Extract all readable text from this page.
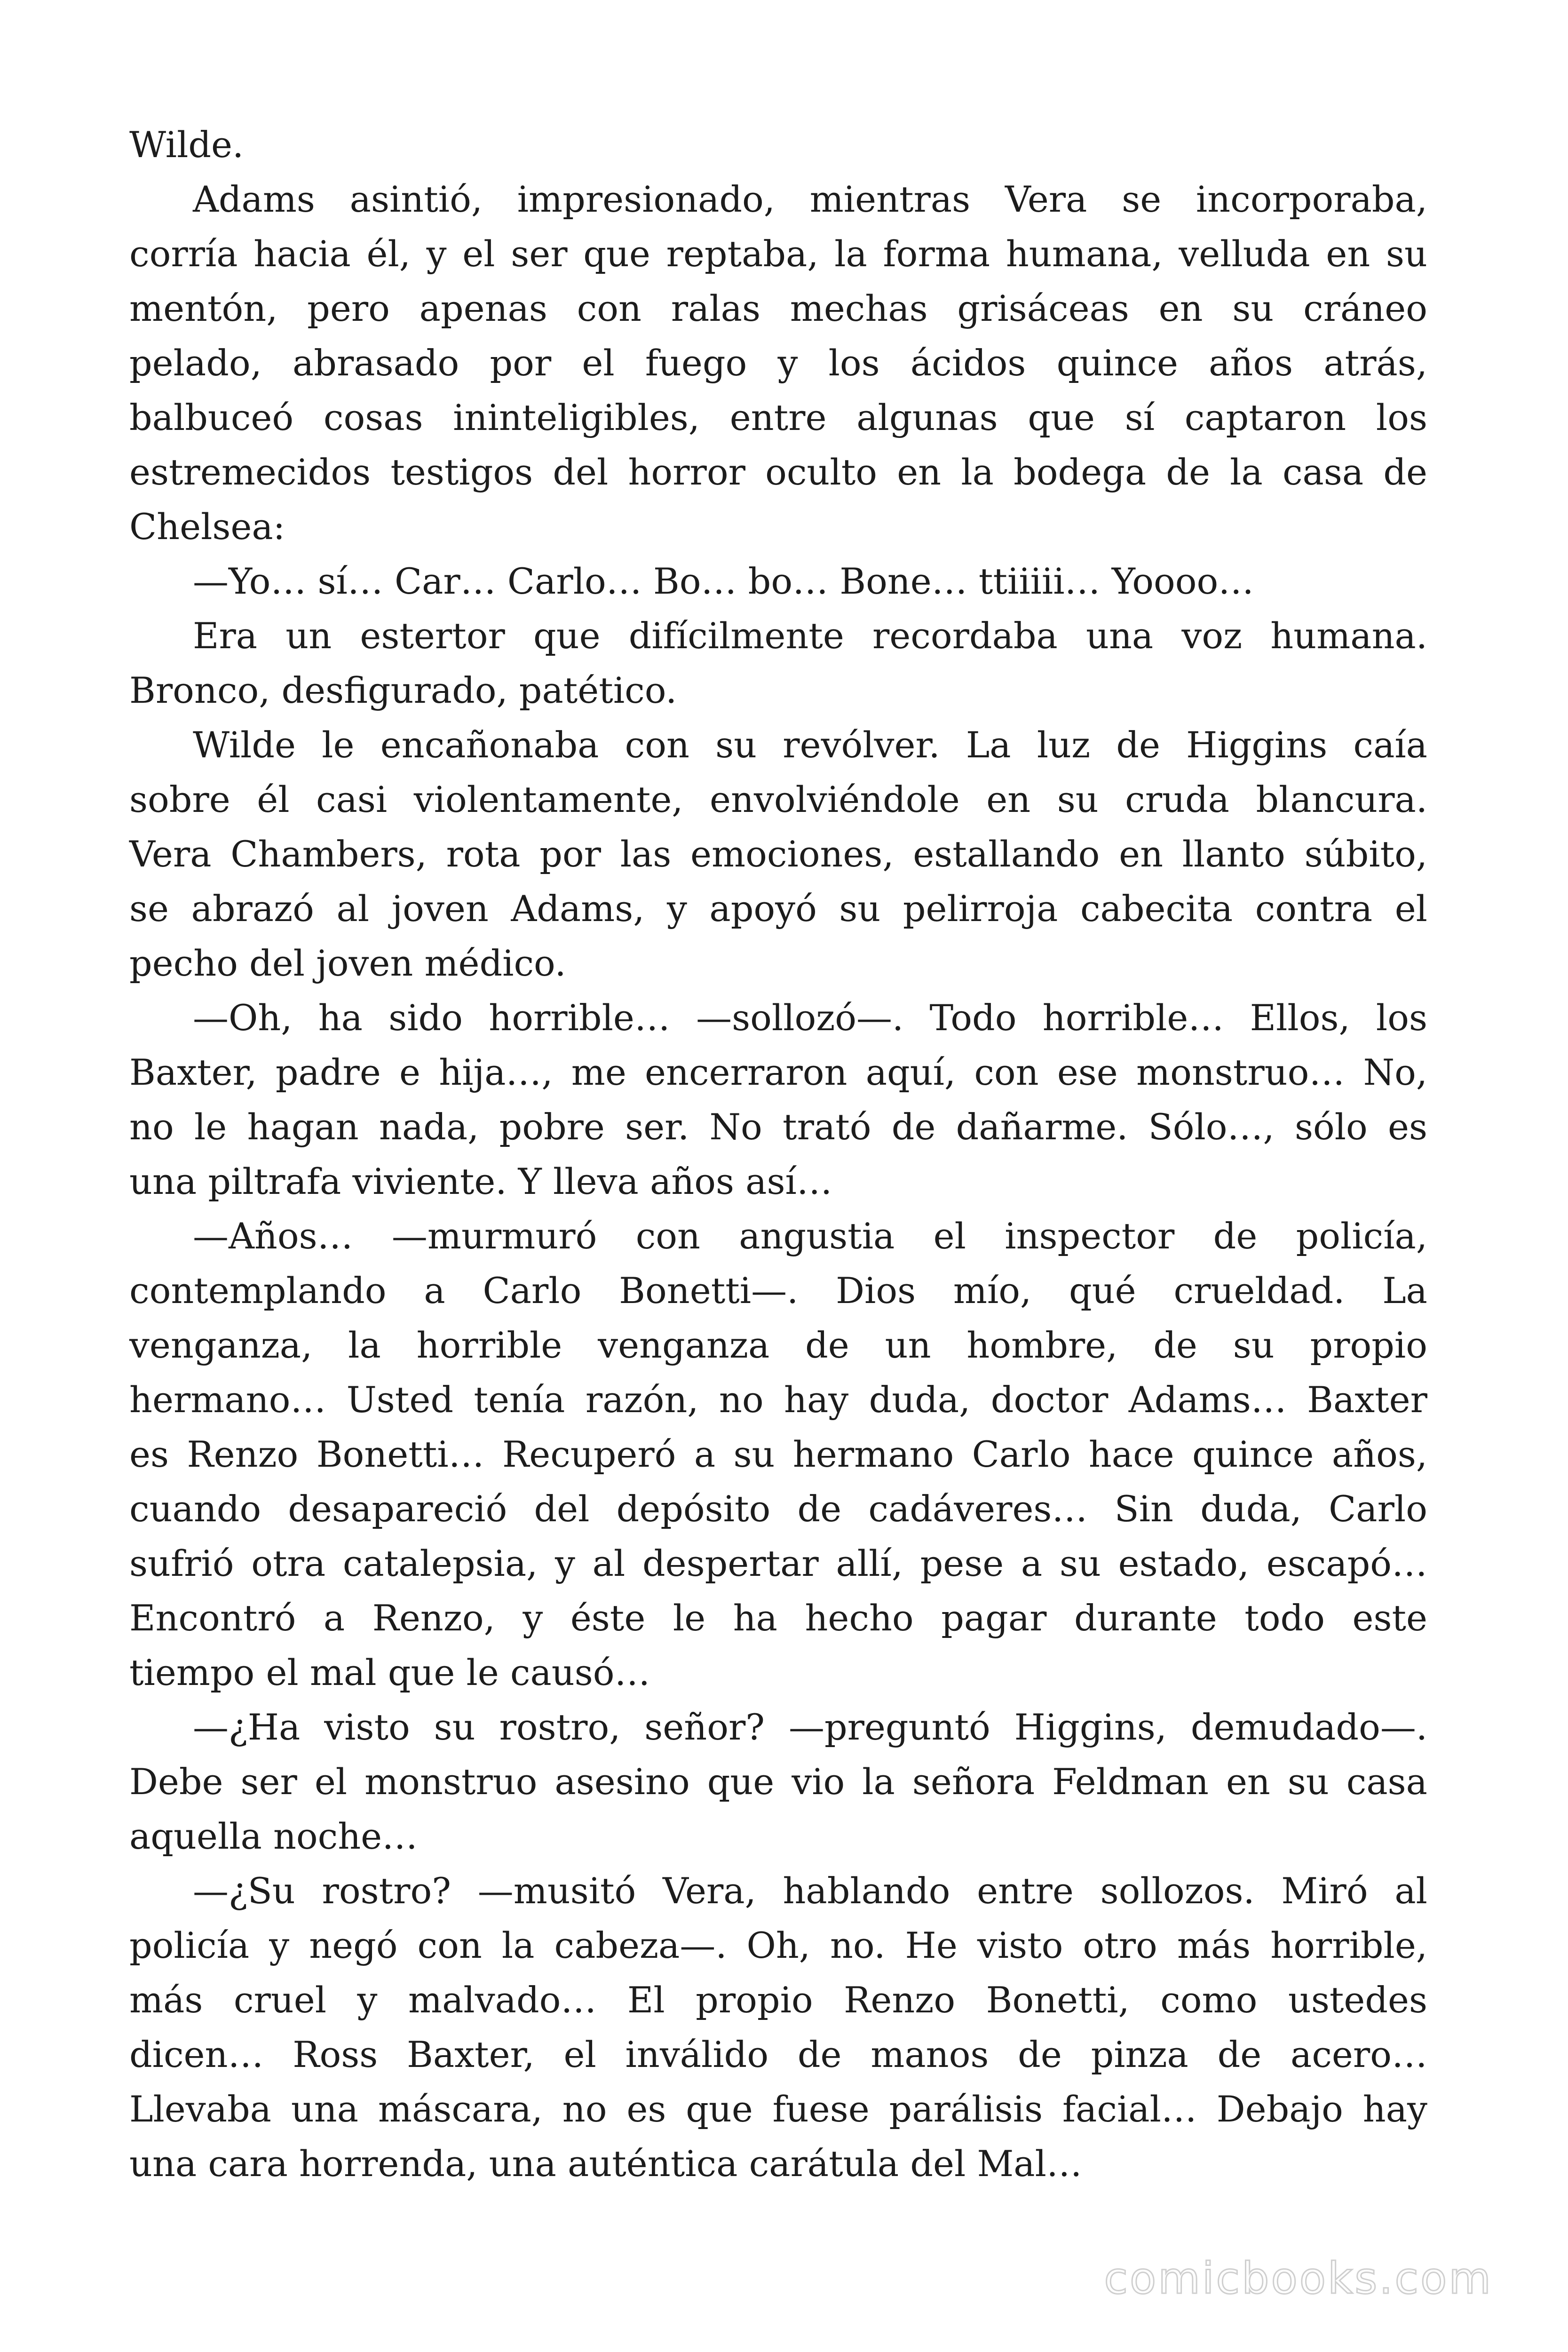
Wilde.
Adams asintió, impresionado, mientras Vera se incorporaba,
corría hacia él, y el ser que reptaba, la forma humana, velluda en su
mentón, pero apenas con ralas mechas grisáceas en su cráneo
pelado, abrasado por el fuego y los ácidos quince años atrás,
balbuceó cosas ininteligibles, entre algunas que sí captaron los
estremecidos testigos del horror oculto en la bodega de la casa de
Chelsea:
—Yo… sí… Car… Carlo… Bo… bo… Bone… ttiiiii… Yoooo…
Era un estertor que difícilmente recordaba una voz humana.
Bronco, desfigurado, patético.
Wilde le encañonaba con su revólver. La luz de Higgins caía
sobre él casi violentamente, envolviéndole en su cruda blancura.
Vera Chambers, rota por las emociones, estallando en llanto súbito,
se abrazó al joven Adams, y apoyó su pelirroja cabecita contra el
pecho del joven médico.
—Oh, ha sido horrible… —sollozó—. Todo horrible… Ellos, los
Baxter, padre e hija…, me encerraron aquí, con ese monstruo… No,
no le hagan nada, pobre ser. No trató de dañarme. Sólo…, sólo es
una piltrafa viviente. Y lleva años así…
—Años… —murmuró con angustia el inspector de policía,
contemplando a Carlo Bonetti—. Dios mío, qué crueldad. La
venganza, la horrible venganza de un hombre, de su propio
hermano… Usted tenía razón, no hay duda, doctor Adams… Baxter
es Renzo Bonetti… Recuperó a su hermano Carlo hace quince años,
cuando desapareció del depósito de cadáveres… Sin duda, Carlo
sufrió otra catalepsia, y al despertar allí, pese a su estado, escapó…
Encontró a Renzo, y éste le ha hecho pagar durante todo este
tiempo el mal que le causó…
—¿Ha visto su rostro, señor? —preguntó Higgins, demudado—.
Debe ser el monstruo asesino que vio la señora Feldman en su casa
aquella noche…
—¿Su rostro? —musitó Vera, hablando entre sollozos. Miró al
policía y negó con la cabeza—. Oh, no. He visto otro más horrible,
más cruel y malvado… El propio Renzo Bonetti, como ustedes
dicen… Ross Baxter, el inválido de manos de pinza de acero…
Llevaba una máscara, no es que fuese parálisis facial… Debajo hay
una cara horrenda, una auténtica carátula del Mal…
comicbooks.com
